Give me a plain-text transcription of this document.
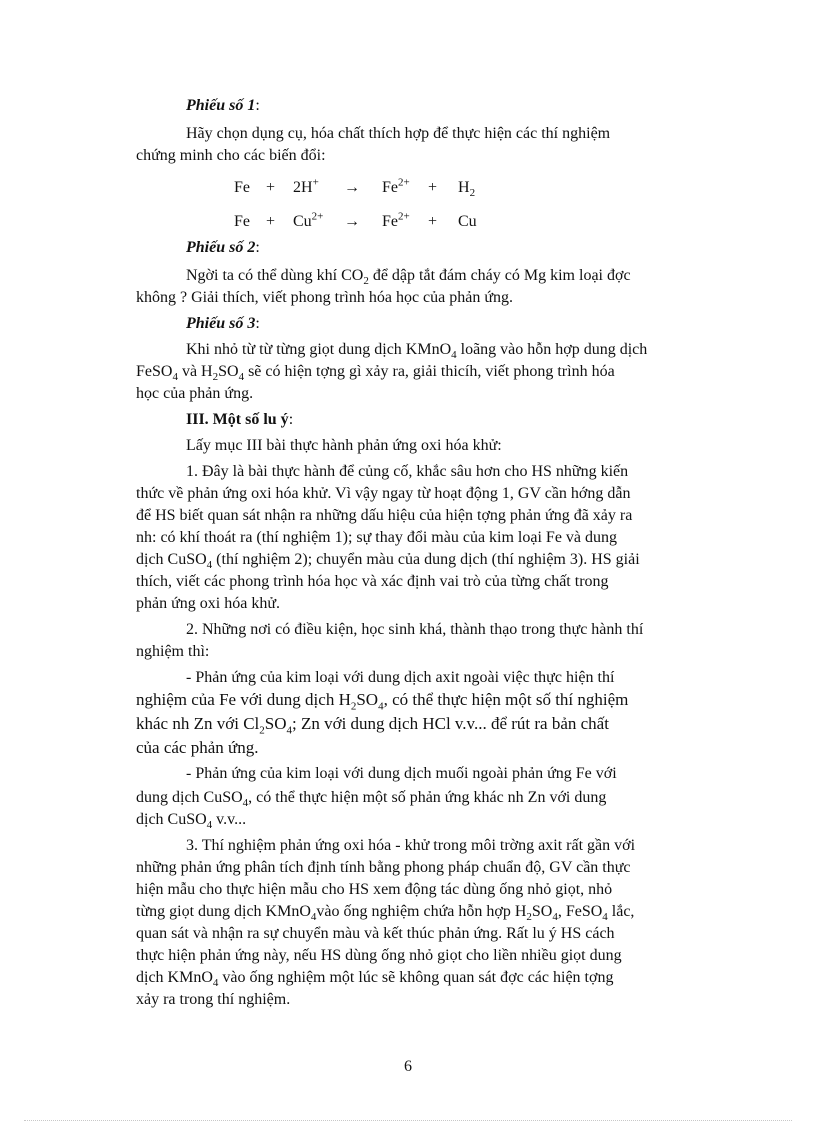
Phiếu số 1:
Hãy chọn dụng cụ, hóa chất thích hợp để thực hiện các thí nghiệm
chứng minh cho các biến đổi:
$Fe + 2H^+ \to Fe^{2+} + H_2$
$Fe + Cu^{2+} \to Fe^{2+} + Cu$
Phiếu số 2:
Ngời ta có thể dùng khí $CO_2$ để dập tắt đám cháy có Mg kim loại đợc
không ? Giải thích, viết phong trình hóa học của phản ứng.
Phiếu số 3:
Khi nhỏ từ từ từng giọt dung dịch KMnO$_4$ loãng vào hỗn hợp dung dịch
FeSO$_4$ và $H_2SO_4$ sẽ có hiện tợng gì xảy ra, giải thicíh, viết phong trình hóa
học của phản ứng.
III. Một số lu ý:
Lấy mục III bài thực hành phản ứng oxi hóa khử:
1. Đây là bài thực hành để củng cố, khắc sâu hơn cho HS những kiến
thức về phản ứng oxi hóa khử. Vì vậy ngay từ hoạt động 1, GV cần hớng dẫn
để HS biết quan sát nhận ra những dấu hiệu của hiện tợng phản ứng đã xảy ra
nh: có khí thoát ra (thí nghiệm 1); sự thay đổi màu của kim loại Fe và dung
dịch CuSO$_4$ (thí nghiệm 2); chuyển màu của dung dịch (thí nghiệm 3). HS giải
thích, viết các phong trình hóa học và xác định vai trò của từng chất trong
phản ứng oxi hóa khử.
2. Những nơi có điều kiện, học sinh khá, thành thạo trong thực hành thí
nghiệm thì:
- Phản ứng của kim loại với dung dịch axit ngoài việc thực hiện thí
nghiệm của Fe với dung dịch $H_2SO_4$, có thể thực hiện một số thí nghiệm
khác nh Zn với $Cl_2SO_4$; Zn với dung dịch HCl v.v... để rút ra bản chất
của các phản ứng.
- Phản ứng của kim loại với dung dịch muối ngoài phản ứng Fe với
dung dịch CuSO$_4$, có thể thực hiện một số phản ứng khác nh Zn với dung
dịch CuSO$_4$ v.v...
3. Thí nghiệm phản ứng oxi hóa - khử trong môi trờng axit rất gần với
những phản ứng phân tích định tính bằng phong pháp chuẩn độ, GV cần thực
hiện mẫu cho thực hiện mẫu cho HS xem động tác dùng ống nhỏ giọt, nhỏ
từng giọt dung dịch KMnO$_4$vào ống nghiệm chứa hỗn hợp $H_2SO_4$, FeSO$_4$ lắc,
quan sát và nhận ra sự chuyển màu và kết thúc phản ứng. Rất lu ý HS cách
thực hiện phản ứng này, nếu HS dùng ống nhỏ giọt cho liền nhiều giọt dung
dịch KMnO$_4$ vào ống nghiệm một lúc sẽ không quan sát đợc các hiện tợng
xảy ra trong thí nghiệm.
6
